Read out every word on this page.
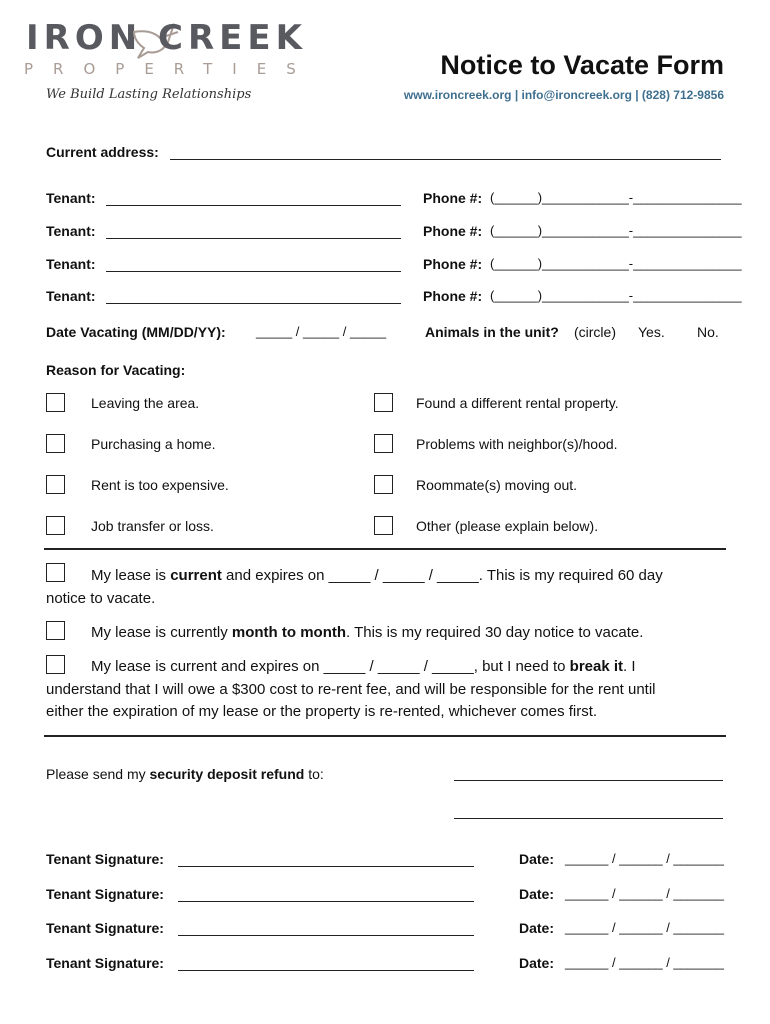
IRON CREEK
PROPERTIES
We Build Lasting Relationships
Notice to Vacate Form
www.ironcreek.org | info@ironcreek.org | (828) 712-9856
Current address:
Tenant:	Phone #: (______)____________-_______________
Tenant:	Phone #: (______)____________-_______________
Tenant:	Phone #: (______)____________-_______________
Tenant:	Phone #: (______)____________-_______________
Date Vacating (MM/DD/YY): _____ / _____ / _____	Animals in the unit? (circle) Yes. No.
Reason for Vacating:
Leaving the area.	Found a different rental property.
Purchasing a home.	Problems with neighbor(s)/hood.
Rent is too expensive.	Roommate(s) moving out.
Job transfer or loss.	Other (please explain below).
My lease is current and expires on _____ / _____ / _____. This is my required 60 day
notice to vacate.
My lease is currently month to month. This is my required 30 day notice to vacate.
My lease is current and expires on _____ / _____ / _____, but I need to break it. I
understand that I will owe a $300 cost to re-rent fee, and will be responsible for the rent until
either the expiration of my lease or the property is re-rented, whichever comes first.
Please send my security deposit refund to:
Tenant Signature:	Date: ______ / ______ / _______
Tenant Signature:	Date: ______ / ______ / _______
Tenant Signature:	Date: ______ / ______ / _______
Tenant Signature:	Date: ______ / ______ / _______
